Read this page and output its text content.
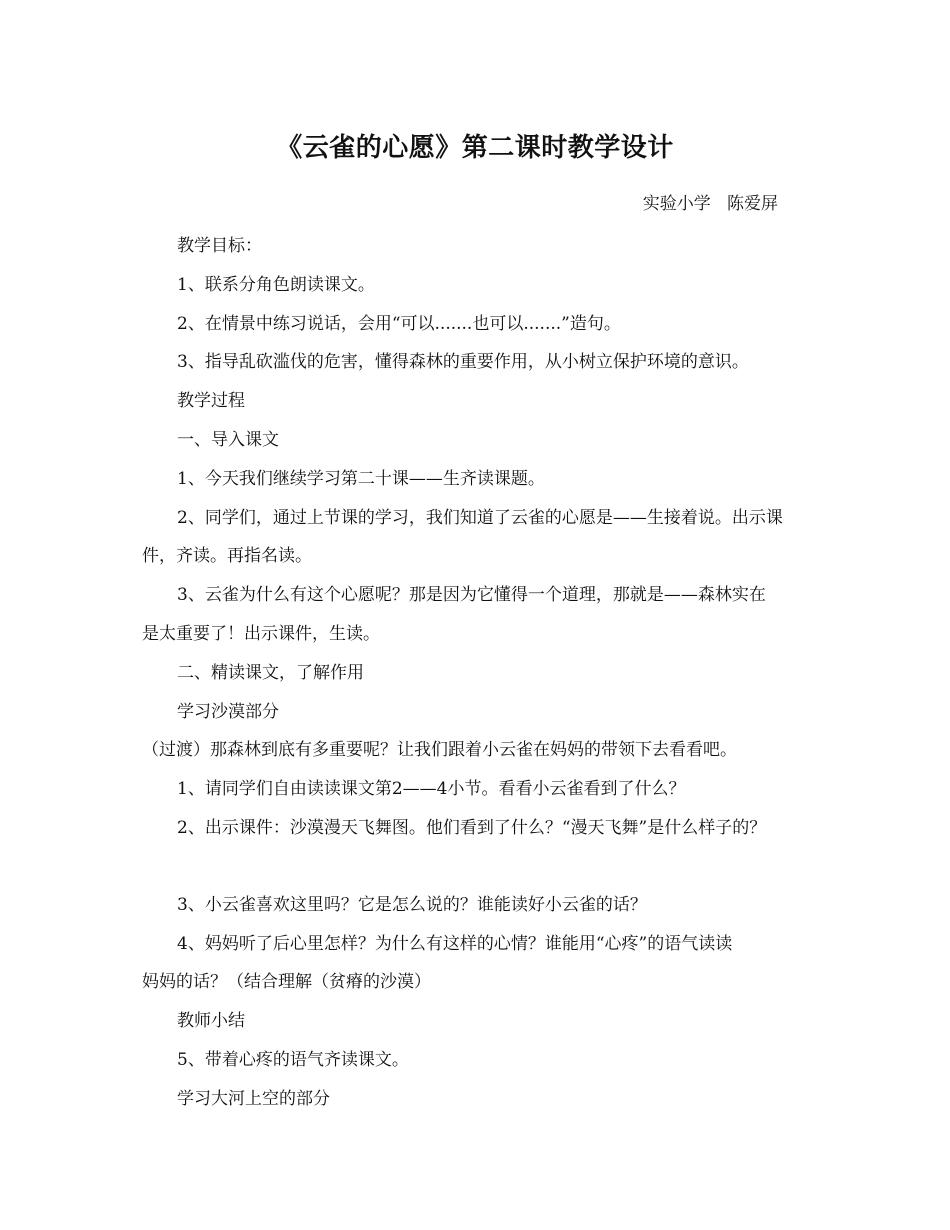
《云雀的心愿》第二课时教学设计
实验小学   陈爱屏

教学目标：

1、联系分角色朗读课文。

2、在情景中练习说话，会用“可以.......也可以.......”造句。

3、指导乱砍滥伐的危害，懂得森林的重要作用，从小树立保护环境的意识。

教学过程

一、导入课文

1、今天我们继续学习第二十课——生齐读课题。

2、同学们，通过上节课的学习，我们知道了云雀的心愿是——生接着说。出示课

件，齐读。再指名读。

3、云雀为什么有这个心愿呢？那是因为它懂得一个道理，那就是——森林实在

是太重要了！出示课件，生读。

二、精读课文，了解作用

学习沙漠部分

（过渡）那森林到底有多重要呢？让我们跟着小云雀在妈妈的带领下去看看吧。

1、请同学们自由读读课文第2——4小节。看看小云雀看到了什么？

2、出示课件：沙漠漫天飞舞图。他们看到了什么？“漫天飞舞”是什么样子的？

3、小云雀喜欢这里吗？它是怎么说的？谁能读好小云雀的话？

4、妈妈听了后心里怎样？为什么有这样的心情？谁能用“心疼”的语气读读

妈妈的话？（结合理解（贫瘠的沙漠）

教师小结

5、带着心疼的语气齐读课文。

学习大河上空的部分
